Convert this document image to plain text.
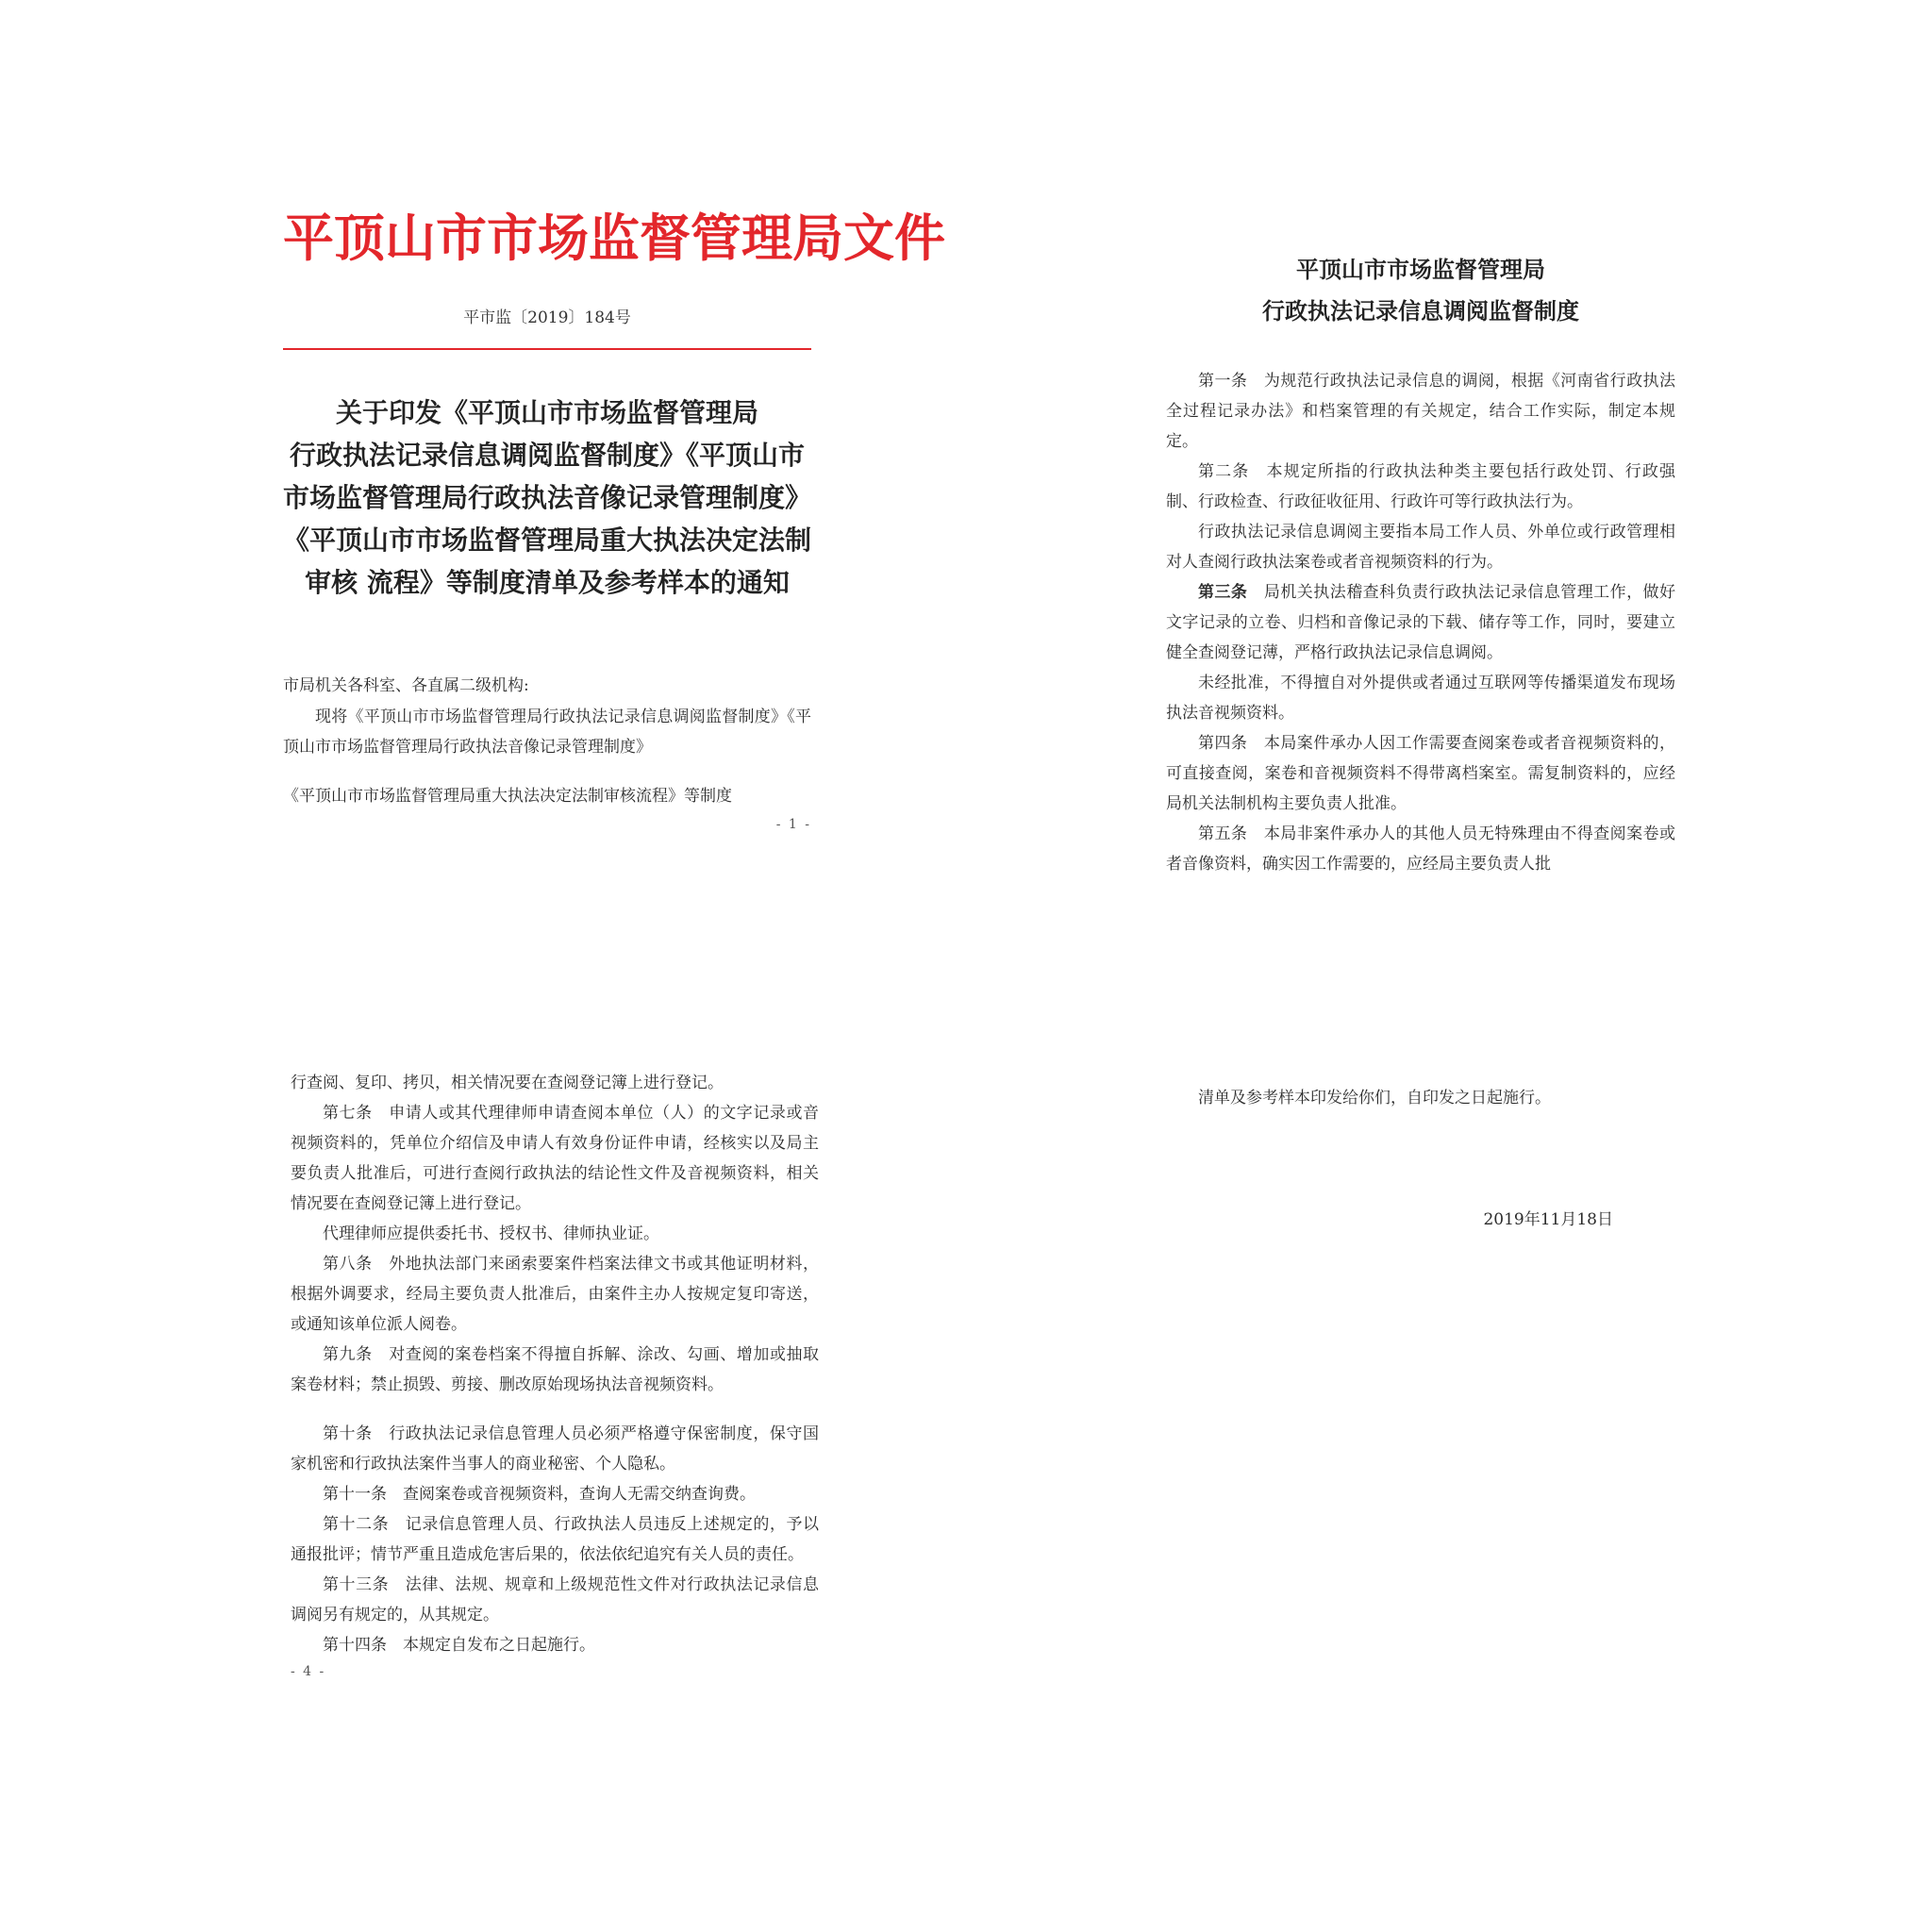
平顶山市市场监督管理局文件
平市监〔2019〕184号
关于印发《平顶山市市场监督管理局
行政执法记录信息调阅监督制度》《平顶山市
市场监督管理局行政执法音像记录管理制度》
《平顶山市市场监督管理局重大执法决定法制
审核 流程》等制度清单及参考样本的通知
市局机关各科室、各直属二级机构:

现将《平顶山市市场监督管理局行政执法记录信息调阅监督制度》《平顶山市市场监督管理局行政执法音像记录管理制度》

《平顶山市市场监督管理局重大执法决定法制审核流程》等制度

- 1 -
平顶山市市场监督管理局
行政执法记录信息调阅监督制度

第一条　 为规范行政执法记录信息的调阅，根据《河南省行政执法全过程记录办法》和档案管理的有关规定，结合工作实际，制定本规定。

第二条　 本规定所指的行政执法种类主要包括行政处罚、行政强制、行政检查、行政征收征用、行政许可等行政执法行为。

行政执法记录信息调阅主要指本局工作人员、外单位或行政管理相对人查阅行政执法案卷或者音视频资料的行为。

第三条　 局机关执法稽查科负责行政执法记录信息管理工作，做好文字记录的立卷、归档和音像记录的下载、储存等工作，同时，要建立健全查阅登记薄，严格行政执法记录信息调阅。

未经批准，不得擅自对外提供或者通过互联网等传播渠道发布现场执法音视频资料。

第四条　 本局案件承办人因工作需要查阅案卷或者音视频资料的，可直接查阅，案卷和音视频资料不得带离档案室。需复制资料的，应经局机关法制机构主要负责人批准。

第五条　 本局非案件承办人的其他人员无特殊理由不得查阅案卷或者音像资料，确实因工作需要的，应经局主要负责人批

行查阅、复印、拷贝，相关情况要在查阅登记簿上进行登记。

第七条　 申请人或其代理律师申请查阅本单位（人）的文字记录或音视频资料的，凭单位介绍信及申请人有效身份证件申请，经核实以及局主要负责人批准后，可进行查阅行政执法的结论性文件及音视频资料，相关情况要在查阅登记簿上进行登记。

代理律师应提供委托书、授权书、律师执业证。

第八条　 外地执法部门来函索要案件档案法律文书或其他证明材料，根据外调要求，经局主要负责人批准后，由案件主办人按规定复印寄送，或通知该单位派人阅卷。

第九条　 对查阅的案卷档案不得擅自拆解、涂改、勾画、增加或抽取案卷材料；禁止损毁、剪接、删改原始现场执法音视频资料。

第十条　 行政执法记录信息管理人员必须严格遵守保密制度，保守国家机密和行政执法案件当事人的商业秘密、个人隐私。

第十一条　 查阅案卷或音视频资料，查询人无需交纳查询费。

第十二条　 记录信息管理人员、行政执法人员违反上述规定的，予以通报批评；情节严重且造成危害后果的，依法依纪追究有关人员的责任。

第十三条　 法律、法规、规章和上级规范性文件对行政执法记录信息调阅另有规定的，从其规定。

第十四条　 本规定自发布之日起施行。

- 4 -

清单及参考样本印发给你们，自印发之日起施行。

2019年11月18日
